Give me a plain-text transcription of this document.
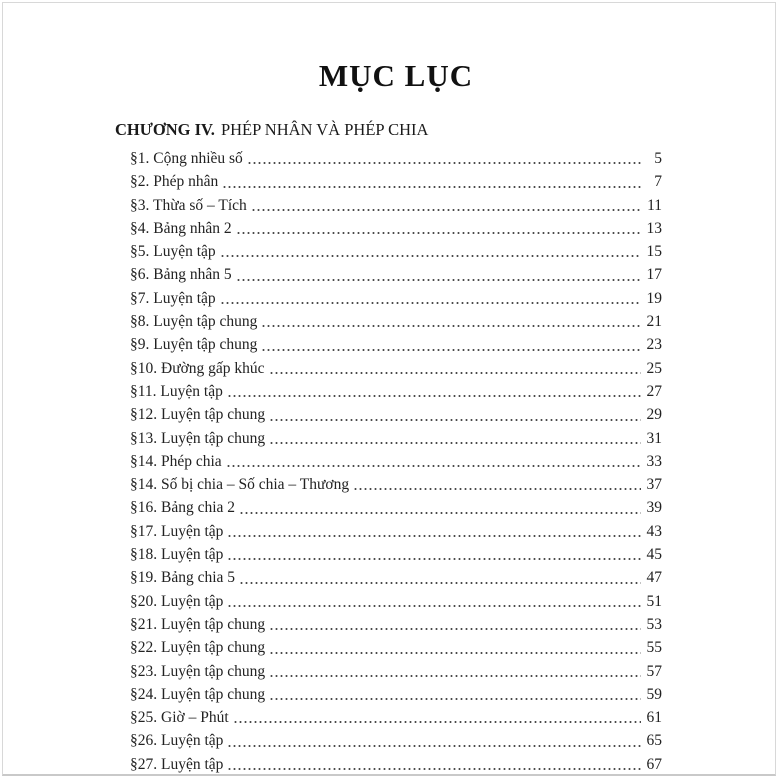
MỤC LỤC
CHƯƠNG IV. PHÉP NHÂN VÀ PHÉP CHIA
§1. Cộng nhiều số	5
§2. Phép nhân	7
§3. Thừa số – Tích	11
§4. Bảng nhân 2	13
§5. Luyện tập	15
§6. Bảng nhân 5	17
§7. Luyện tập	19
§8. Luyện tập chung	21
§9. Luyện tập chung	23
§10. Đường gấp khúc	25
§11. Luyện tập	27
§12. Luyện tập chung	29
§13. Luyện tập chung	31
§14. Phép chia	33
§14. Số bị chia – Số chia – Thương	37
§16. Bảng chia 2	39
§17. Luyện tập	43
§18. Luyện tập	45
§19. Bảng chia 5	47
§20. Luyện tập	51
§21. Luyện tập chung	53
§22. Luyện tập chung	55
§23. Luyện tập chung	57
§24. Luyện tập chung	59
§25. Giờ – Phút	61
§26. Luyện tập	65
§27. Luyện tập	67
